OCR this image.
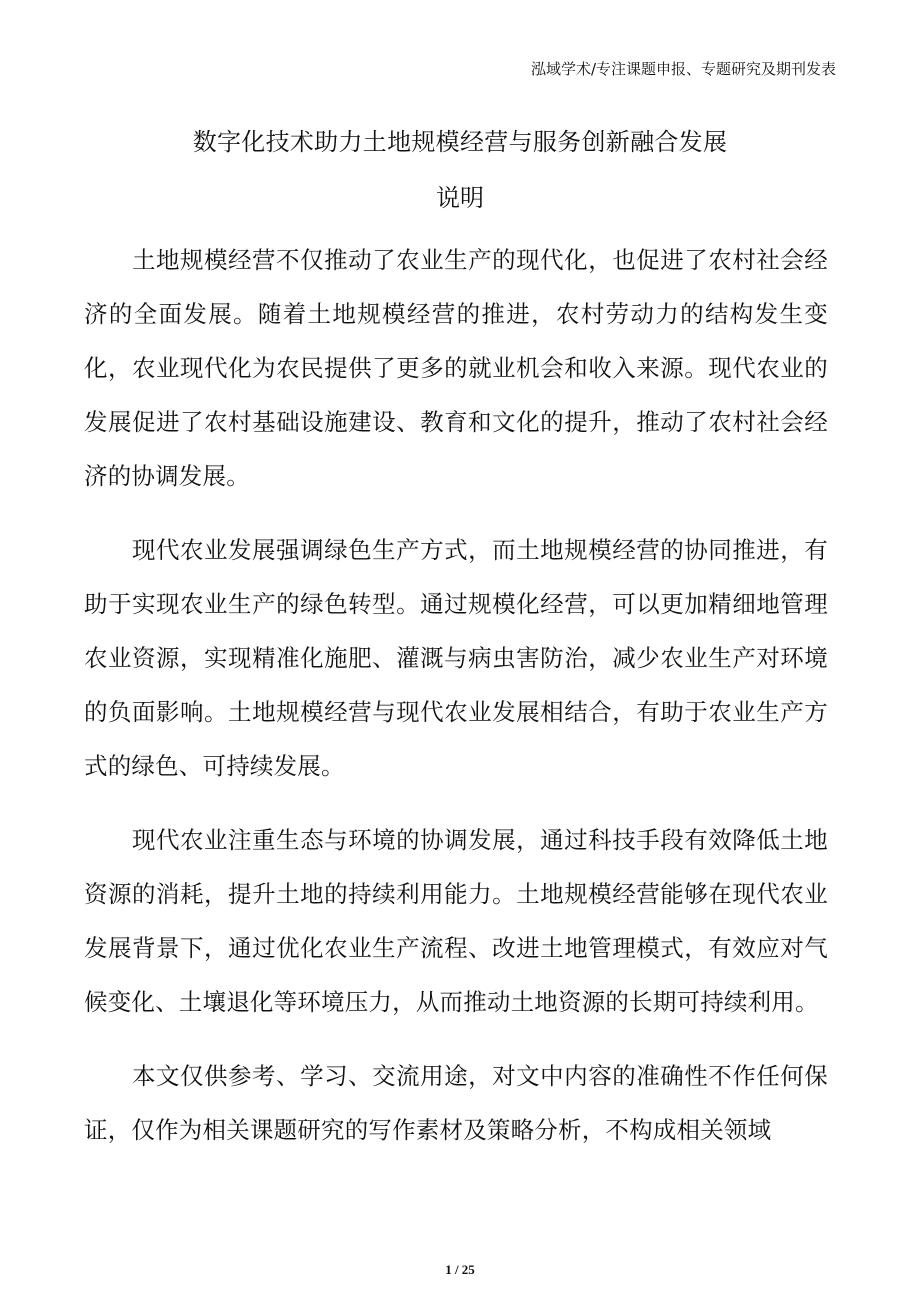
泓域学术/专注课题申报、专题研究及期刊发表
数字化技术助力土地规模经营与服务创新融合发展
说明

土地规模经营不仅推动了农业生产的现代化，也促进了农村社会经济的全面发展。随着土地规模经营的推进，农村劳动力的结构发生变化，农业现代化为农民提供了更多的就业机会和收入来源。现代农业的发展促进了农村基础设施建设、教育和文化的提升，推动了农村社会经济的协调发展。

现代农业发展强调绿色生产方式，而土地规模经营的协同推进，有助于实现农业生产的绿色转型。通过规模化经营，可以更加精细地管理农业资源，实现精准化施肥、灌溉与病虫害防治，减少农业生产对环境的负面影响。土地规模经营与现代农业发展相结合，有助于农业生产方式的绿色、可持续发展。

现代农业注重生态与环境的协调发展，通过科技手段有效降低土地资源的消耗，提升土地的持续利用能力。土地规模经营能够在现代农业发展背景下，通过优化农业生产流程、改进土地管理模式，有效应对气候变化、土壤退化等环境压力，从而推动土地资源的长期可持续利用。

本文仅供参考、学习、交流用途，对文中内容的准确性不作任何保证，仅作为相关课题研究的写作素材及策略分析，不构成相关领域

1 / 25
